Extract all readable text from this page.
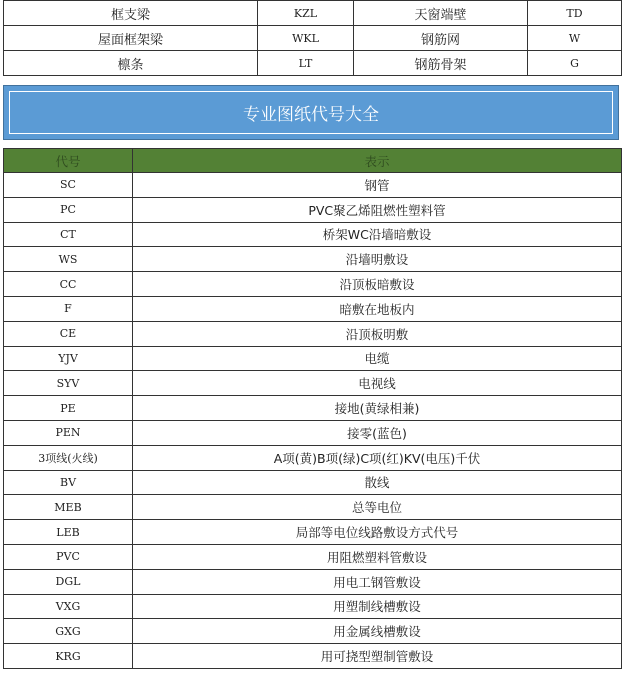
框支梁	KZL	天窗端壁	TD
屋面框架梁	WKL	钢筋网	W
檩条	LT	钢筋骨架	G
专业图纸代号大全
代号	表示
SC	钢管
PC	PVC聚乙烯阻燃性塑料管
CT	桥架WC沿墙暗敷设
WS	沿墙明敷设
CC	沿顶板暗敷设
F	暗敷在地板内
CE	沿顶板明敷
YJV	电缆
SYV	电视线
PE	接地(黄绿相兼)
PEN	接零(蓝色)
3项线(火线)	A项(黄)B项(绿)C项(红)KV(电压)千伏
BV	散线
MEB	总等电位
LEB	局部等电位线路敷设方式代号
PVC	用阻燃塑料管敷设
DGL	用电工钢管敷设
VXG	用塑制线槽敷设
GXG	用金属线槽敷设
KRG	用可挠型塑制管敷设
